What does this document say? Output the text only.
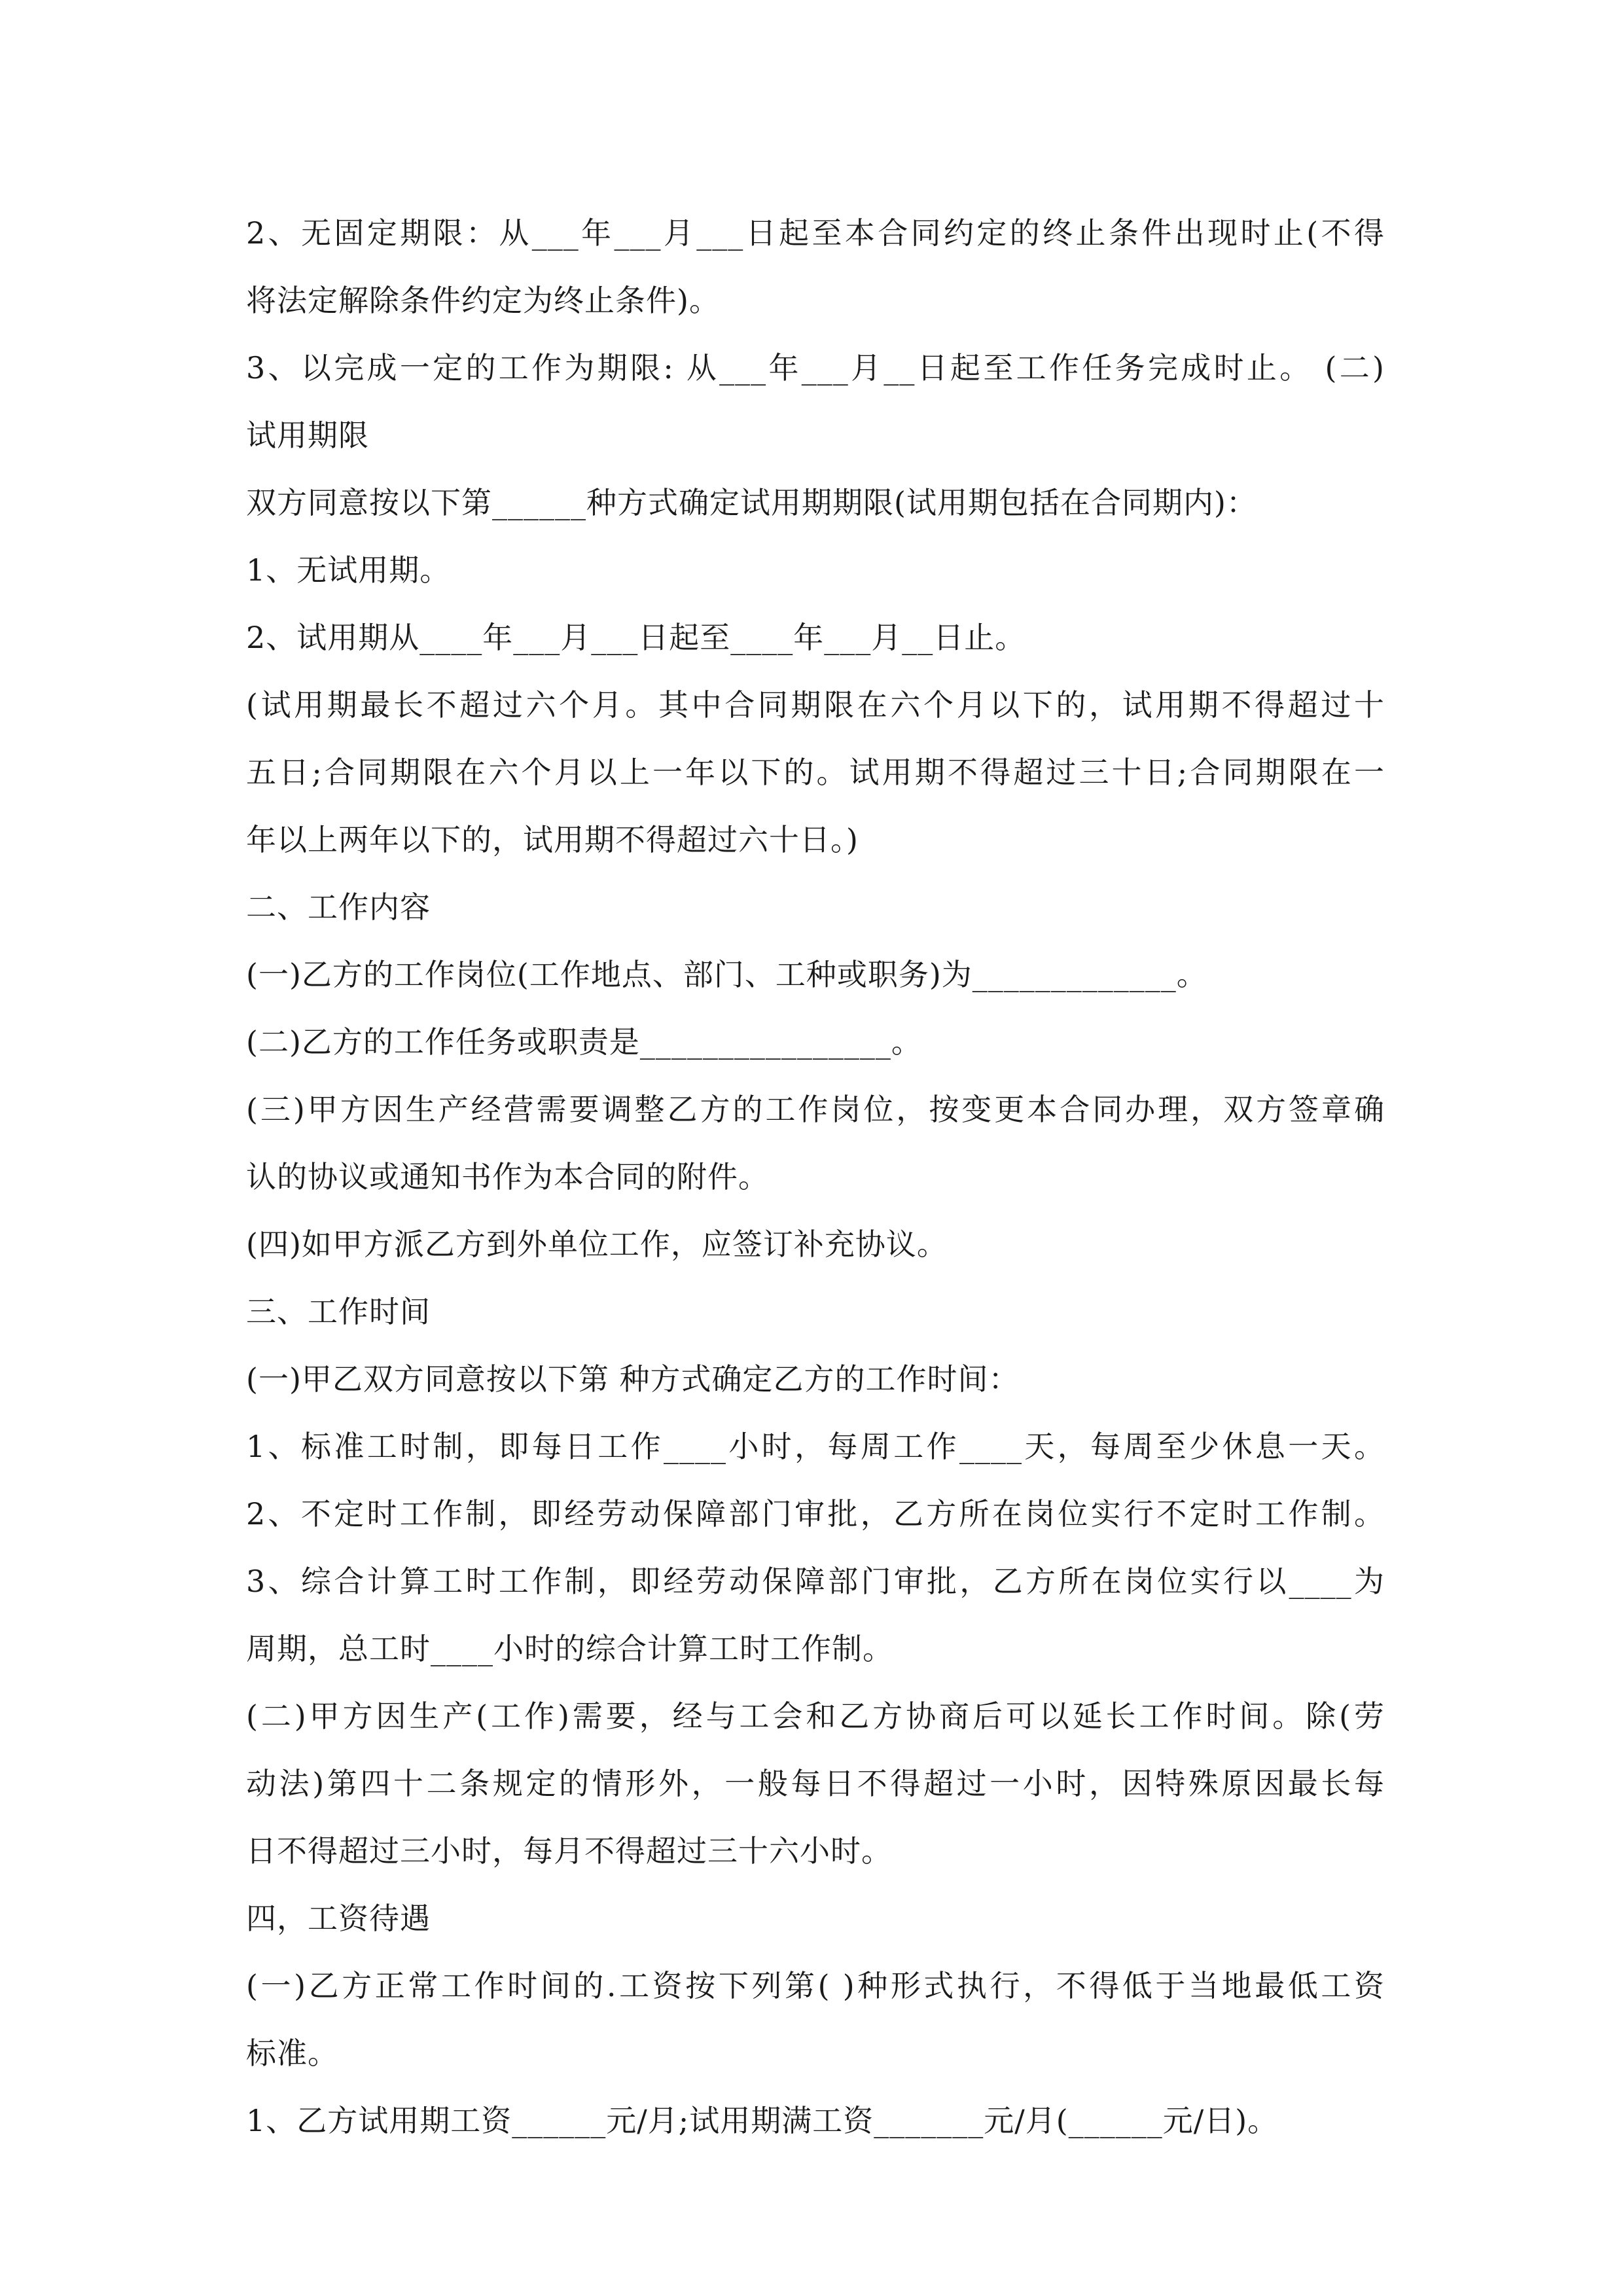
2、无固定期限：从___年___月___日起至本合同约定的终止条件出现时止(不得
将法定解除条件约定为终止条件)。
3、以完成一定的工作为期限: 从___年___月__日起至工作任务完成时止。 (二)
试用期限
双方同意按以下第______种方式确定试用期期限(试用期包括在合同期内)：
1、无试用期。
2、试用期从____年___月___日起至____年___月__日止。
(试用期最长不超过六个月。其中合同期限在六个月以下的，试用期不得超过十
五日;合同期限在六个月以上一年以下的。试用期不得超过三十日;合同期限在一
年以上两年以下的，试用期不得超过六十日。)
二、工作内容
(一)乙方的工作岗位(工作地点、部门、工种或职务)为_____________。
(二)乙方的工作任务或职责是________________。
(三)甲方因生产经营需要调整乙方的工作岗位，按变更本合同办理，双方签章确
认的协议或通知书作为本合同的附件。
(四)如甲方派乙方到外单位工作，应签订补充协议。
三、工作时间
(一)甲乙双方同意按以下第 种方式确定乙方的工作时间：
1、标准工时制，即每日工作____小时，每周工作____天，每周至少休息一天。
2、不定时工作制，即经劳动保障部门审批，乙方所在岗位实行不定时工作制。
3、综合计算工时工作制，即经劳动保障部门审批，乙方所在岗位实行以____为
周期，总工时____小时的综合计算工时工作制。
(二)甲方因生产(工作)需要，经与工会和乙方协商后可以延长工作时间。除(劳
动法)第四十二条规定的情形外，一般每日不得超过一小时，因特殊原因最长每
日不得超过三小时，每月不得超过三十六小时。
四，工资待遇
(一)乙方正常工作时间的.工资按下列第( )种形式执行，不得低于当地最低工资
标准。
1、乙方试用期工资______元/月;试用期满工资_______元/月(______元/日)。
